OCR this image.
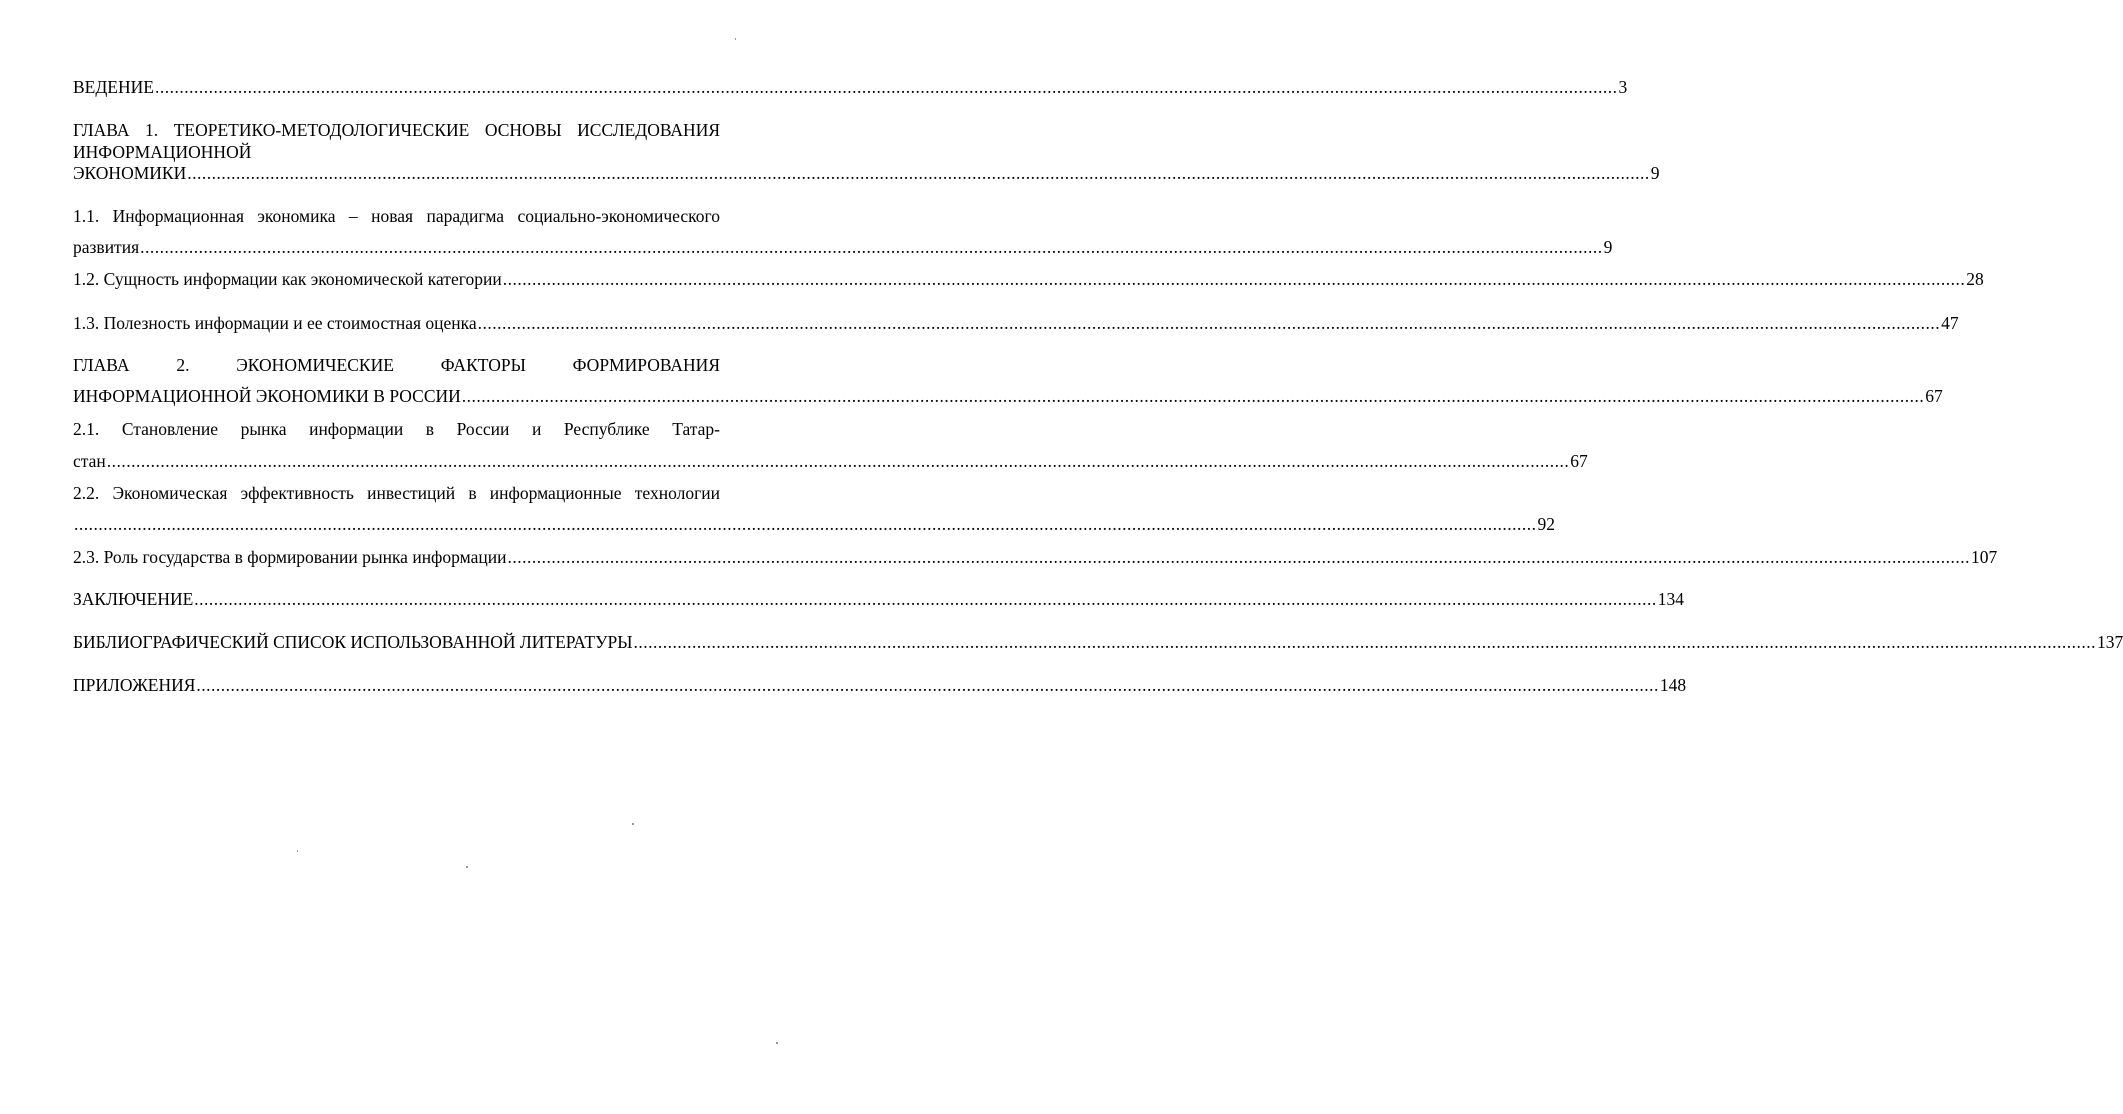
ВЕДЕНИЕ ............................................................................................................................................................................................................................................................................................................ 3
ГЛАВА 1. ТЕОРЕТИКО-МЕТОДОЛОГИЧЕСКИЕ ОСНОВЫ ИССЛЕДОВАНИЯ
ИНФОРМАЦИОННОЙ
ЭКОНОМИКИ ............................................................................................................................................................................................................................................................................................................ 9
1.1. Информационная экономика – новая парадигма социально-экономического
развития ............................................................................................................................................................................................................................................................................................................ 9
1.2. Сущность информации как экономической категории ............................................................................................................................................................................................................................................................................................................ 28
1.3. Полезность информации и ее стоимостная оценка ............................................................................................................................................................................................................................................................................................................ 47
ГЛАВА 2. ЭКОНОМИЧЕСКИЕ ФАКТОРЫ ФОРМИРОВАНИЯ
ИНФОРМАЦИОННОЙ ЭКОНОМИКИ В РОССИИ ............................................................................................................................................................................................................................................................................................................ 67
2.1. Становление рынка информации в России и Республике Татар-
стан ............................................................................................................................................................................................................................................................................................................ 67
2.2. Экономическая эффективность инвестиций в информационные технологии
............................................................................................................................................................................................................................................................................................................ 92
2.3. Роль государства в формировании рынка информации ............................................................................................................................................................................................................................................................................................................ 107
ЗАКЛЮЧЕНИЕ ............................................................................................................................................................................................................................................................................................................ 134
БИБЛИОГРАФИЧЕСКИЙ СПИСОК ИСПОЛЬЗОВАННОЙ ЛИТЕРАТУРЫ ............................................................................................................................................................................................................................................................................................................ 137
ПРИЛОЖЕНИЯ ............................................................................................................................................................................................................................................................................................................ 148
